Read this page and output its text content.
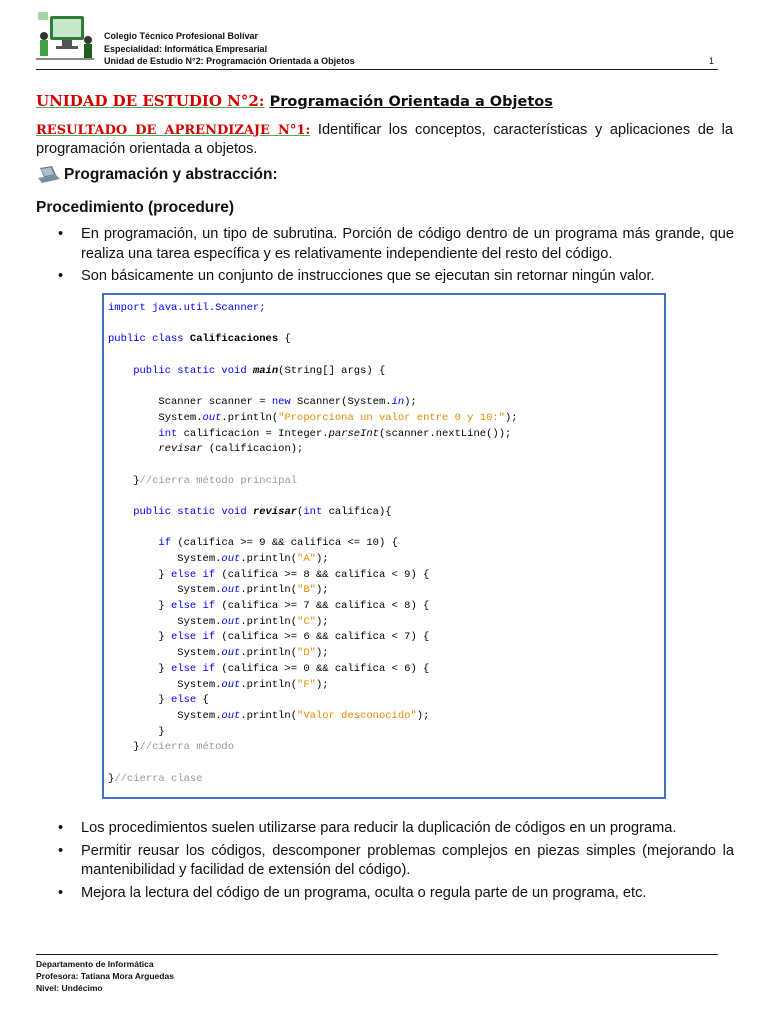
Colegio Técnico Profesional Bolívar
Especialidad: Informática Empresarial
Unidad de Estudio N°2: Programación Orientada a Objetos	1
UNIDAD DE ESTUDIO N°2: Programación Orientada a Objetos
RESULTADO DE APRENDIZAJE N°1: Identificar los conceptos, características y aplicaciones de la programación orientada a objetos.
Programación y abstracción:
Procedimiento (procedure)
• En programación, un tipo de subrutina. Porción de código dentro de un programa más grande, que realiza una tarea específica y es relativamente independiente del resto del código.
• Son básicamente un conjunto de instrucciones que se ejecutan sin retornar ningún valor.
import java.util.Scanner;
public class Calificaciones {
public static void main(String[] args) {
Scanner scanner = new Scanner(System.in);
System.out.println("Proporciona un valor entre 0 y 10:");
int calificacion = Integer.parseInt(scanner.nextLine());
revisar (calificacion);
}//cierra método principal
public static void revisar(int califica){
if (califica >= 9 && califica <= 10) {
System.out.println("A");
} else if (califica >= 8 && califica < 9) {
System.out.println("B");
} else if (califica >= 7 && califica < 8) {
System.out.println("C");
} else if (califica >= 6 && califica < 7) {
System.out.println("D");
} else if (califica >= 0 && califica < 6) {
System.out.println("F");
} else {
System.out.println("Valor desconocido");
}
}//cierra método
}//cierra clase
• Los procedimientos suelen utilizarse para reducir la duplicación de códigos en un programa.
• Permitir reusar los códigos, descomponer problemas complejos en piezas simples (mejorando la mantenibilidad y facilidad de extensión del código).
• Mejora la lectura del código de un programa, oculta o regula parte de un programa, etc.
Departamento de Informática
Profesora: Tatiana Mora Arguedas
Nivel: Undécimo
